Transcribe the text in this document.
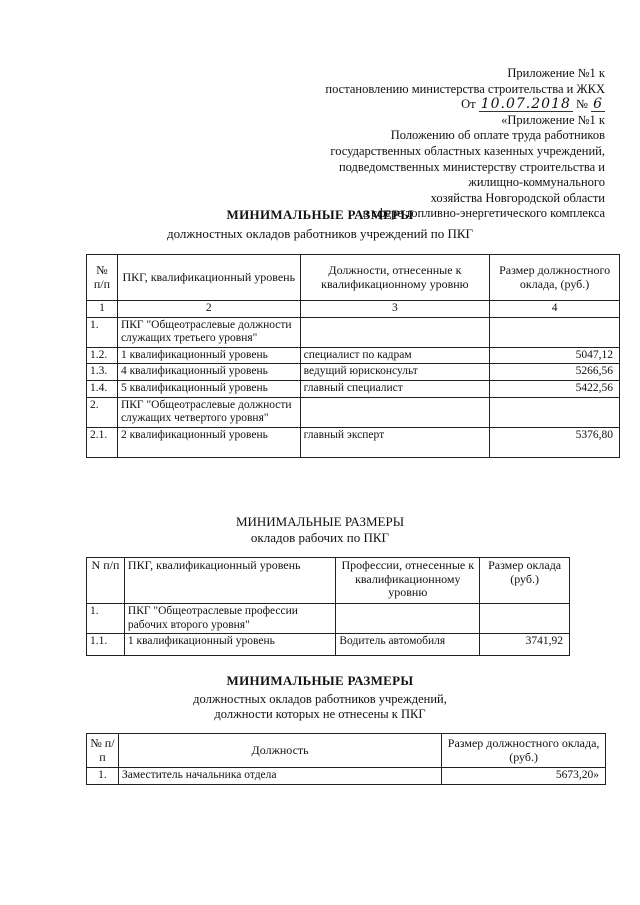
Приложение №1 к
постановлению министерства строительства и ЖКХ
От 10.07.2018 № 6
«Приложение №1 к
Положению об оплате труда работников
государственных областных казенных учреждений,
подведомственных министерству строительства и
жилищно-коммунального
хозяйства Новгородской области
в сфере топливно-энергетического комплекса
МИНИМАЛЬНЫЕ РАЗМЕРЫ
должностных окладов работников учреждений по ПКГ
№ п/п	ПКГ, квалификационный уровень	Должности, отнесенные к квалификационному уровню	Размер должностного оклада, (руб.)
1	2	3	4
1.	ПКГ "Общеотраслевые должности служащих третьего уровня"		
1.2.	1 квалификационный уровень	специалист по кадрам	5047,12
1.3.	4 квалификационный уровень	ведущий юрисконсульт	5266,56
1.4.	5 квалификационный уровень	главный специалист	5422,56
2.	ПКГ "Общеотраслевые должности служащих четвертого уровня"		
2.1.	2 квалификационный уровень	главный эксперт	5376,80
МИНИМАЛЬНЫЕ РАЗМЕРЫ
окладов рабочих по ПКГ
N п/п	ПКГ, квалификационный уровень	Профессии, отнесенные к квалификационному уровню	Размер оклада (руб.)
1.	ПКГ "Общеотраслевые профессии рабочих второго уровня"		
1.1.	1 квалификационный уровень	Водитель автомобиля	3741,92
МИНИМАЛЬНЫЕ РАЗМЕРЫ
должностных окладов работников учреждений,
должности которых не отнесены к ПКГ
№ п/п	Должность	Размер должностного оклада, (руб.)
1.	Заместитель начальника отдела	5673,20»
